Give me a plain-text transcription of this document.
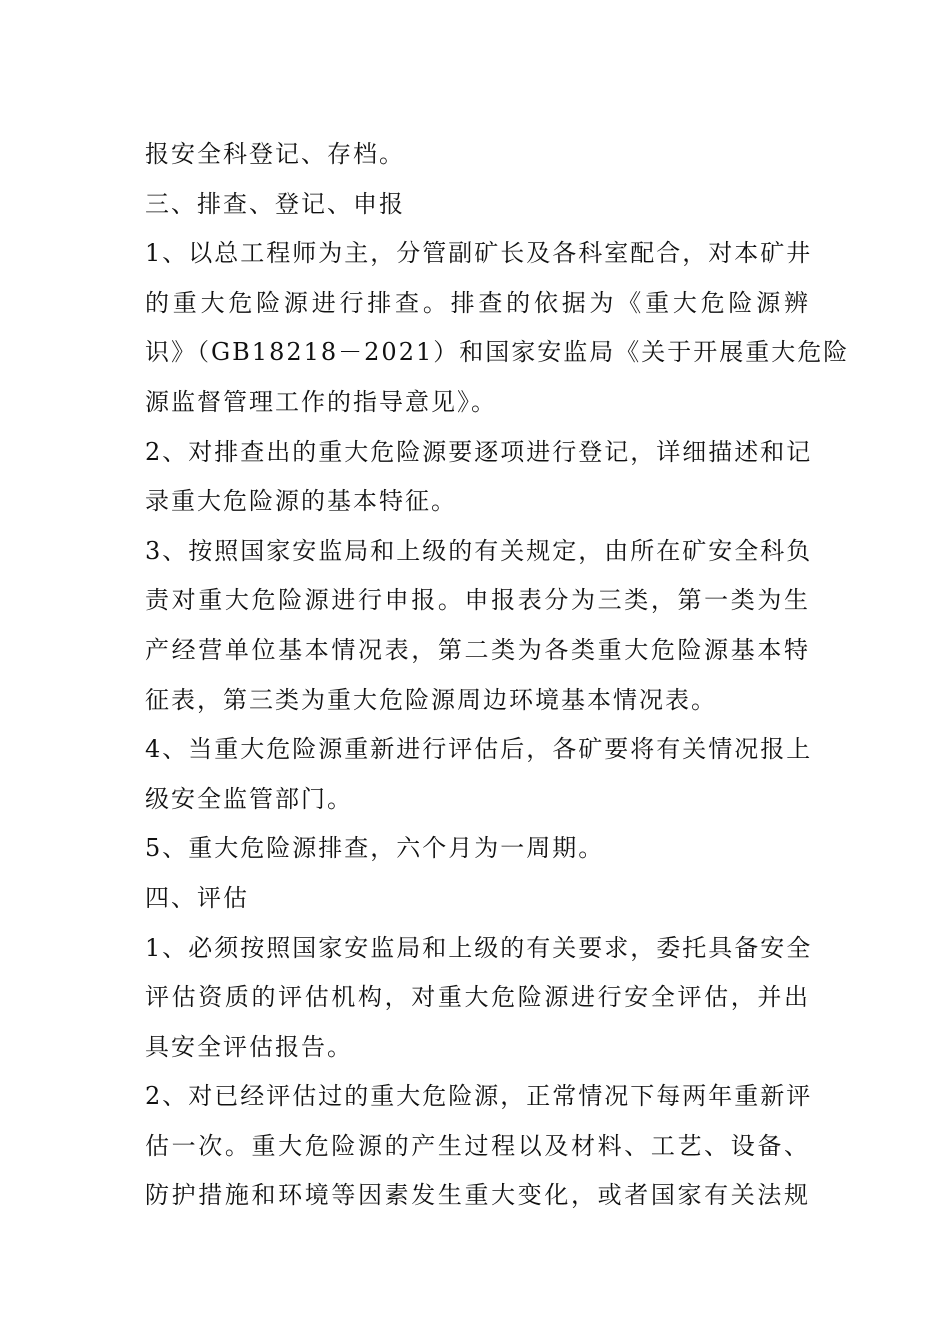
报安全科登记、存档。
三、排查、登记、申报
1、以总工程师为主，分管副矿长及各科室配合，对本矿井
的重大危险源进行排查。排查的依据为《重大危险源辨
识》（GB18218－2021）和国家安监局《关于开展重大危险
源监督管理工作的指导意见》。
2、对排查出的重大危险源要逐项进行登记，详细描述和记
录重大危险源的基本特征。
3、按照国家安监局和上级的有关规定，由所在矿安全科负
责对重大危险源进行申报。申报表分为三类，第一类为生
产经营单位基本情况表，第二类为各类重大危险源基本特
征表，第三类为重大危险源周边环境基本情况表。
4、当重大危险源重新进行评估后，各矿要将有关情况报上
级安全监管部门。
5、重大危险源排查，六个月为一周期。
四、评估
1、必须按照国家安监局和上级的有关要求，委托具备安全
评估资质的评估机构，对重大危险源进行安全评估，并出
具安全评估报告。
2、对已经评估过的重大危险源，正常情况下每两年重新评
估一次。重大危险源的产生过程以及材料、工艺、设备、
防护措施和环境等因素发生重大变化，或者国家有关法规
